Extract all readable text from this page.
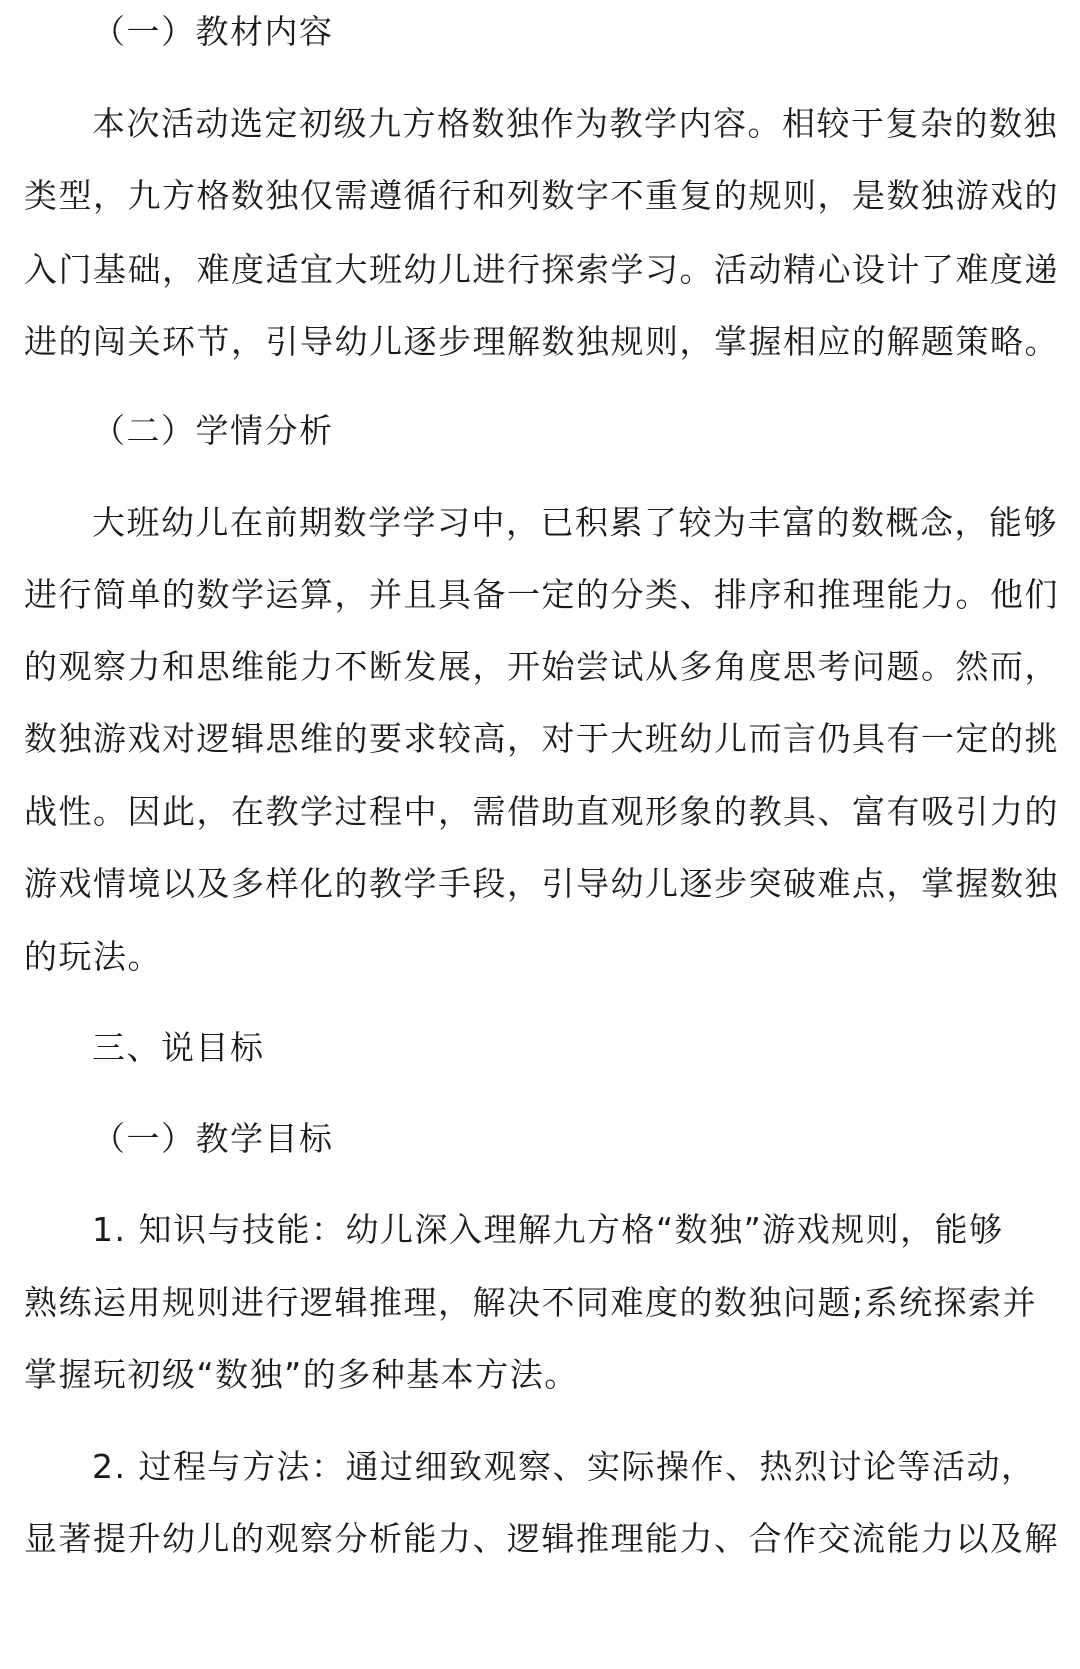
（一）教材内容
本次活动选定初级九方格数独作为教学内容。相较于复杂的数独
类型，九方格数独仅需遵循行和列数字不重复的规则，是数独游戏的
入门基础，难度适宜大班幼儿进行探索学习。活动精心设计了难度递
进的闯关环节，引导幼儿逐步理解数独规则，掌握相应的解题策略。
（二）学情分析
大班幼儿在前期数学学习中，已积累了较为丰富的数概念，能够
进行简单的数学运算，并且具备一定的分类、排序和推理能力。他们
的观察力和思维能力不断发展，开始尝试从多角度思考问题。然而，
数独游戏对逻辑思维的要求较高，对于大班幼儿而言仍具有一定的挑
战性。因此，在教学过程中，需借助直观形象的教具、富有吸引力的
游戏情境以及多样化的教学手段，引导幼儿逐步突破难点，掌握数独
的玩法。
三、说目标
（一）教学目标
1. 知识与技能：幼儿深入理解九方格“数独”游戏规则，能够
熟练运用规则进行逻辑推理，解决不同难度的数独问题;系统探索并
掌握玩初级“数独”的多种基本方法。
2. 过程与方法：通过细致观察、实际操作、热烈讨论等活动，
显著提升幼儿的观察分析能力、逻辑推理能力、合作交流能力以及解
